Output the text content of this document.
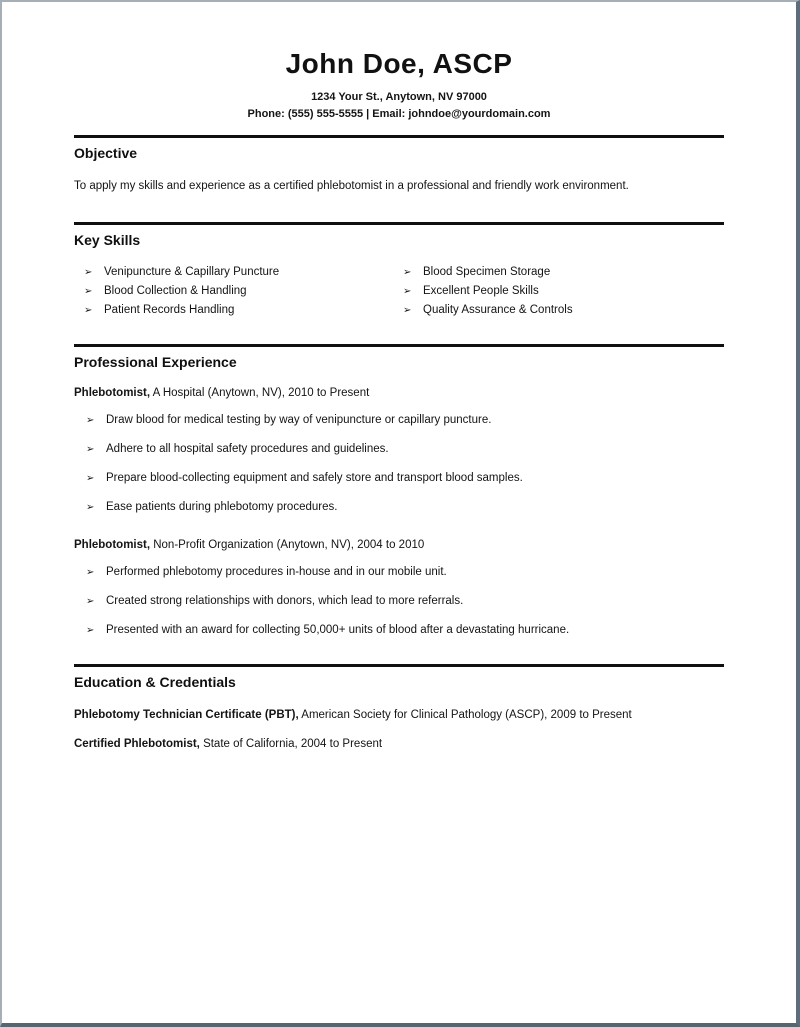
John Doe, ASCP
1234 Your St., Anytown, NV 97000
Phone: (555) 555-5555 | Email: johndoe@yourdomain.com
Objective

To apply my skills and experience as a certified phlebotomist in a professional and friendly work environment.

Key Skills
➢	Venipuncture & Capillary Puncture
➢	Blood Collection & Handling
➢	Patient Records Handling
➢	Blood Specimen Storage
➢	Excellent People Skills
➢	Quality Assurance & Controls
Professional Experience
Phlebotomist, A Hospital (Anytown, NV), 2010 to Present
➢	Draw blood for medical testing by way of venipuncture or capillary puncture.
➢	Adhere to all hospital safety procedures and guidelines.
➢	Prepare blood-collecting equipment and safely store and transport blood samples.
➢	Ease patients during phlebotomy procedures.
Phlebotomist, Non-Profit Organization (Anytown, NV), 2004 to 2010
➢	Performed phlebotomy procedures in-house and in our mobile unit.
➢	Created strong relationships with donors, which lead to more referrals.
➢	Presented with an award for collecting 50,000+ units of blood after a devastating hurricane.
Education & Credentials
Phlebotomy Technician Certificate (PBT), American Society for Clinical Pathology (ASCP), 2009 to Present
Certified Phlebotomist, State of California, 2004 to Present
